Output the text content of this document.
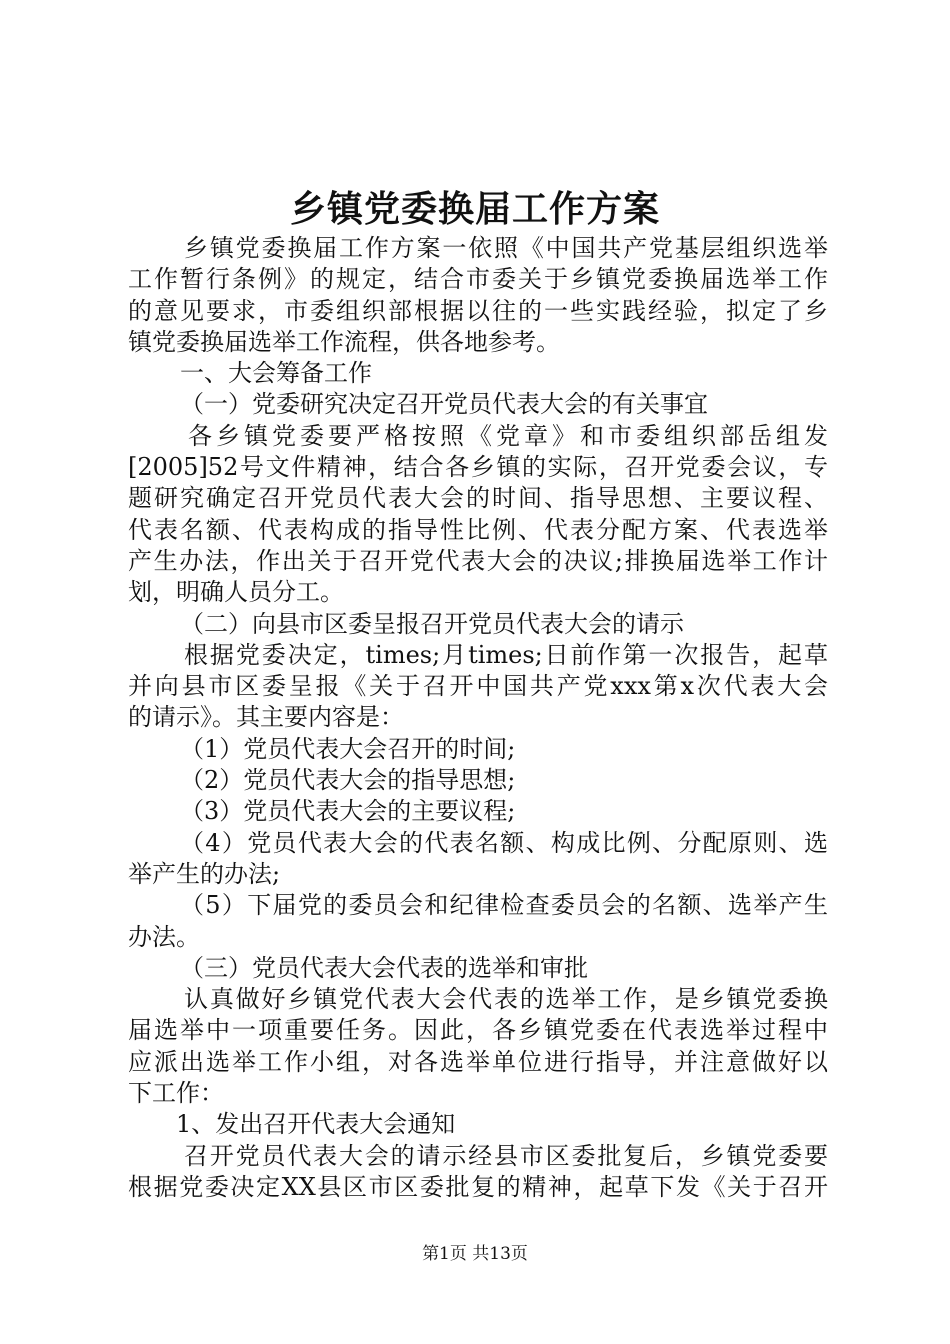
乡镇党委换届工作方案
乡镇党委换届工作方案一依照《中国共产党基层组织选举
工作暂行条例》的规定，结合市委关于乡镇党委换届选举工作
的意见要求，市委组织部根据以往的一些实践经验，拟定了乡
镇党委换届选举工作流程，供各地参考。
一、大会筹备工作
（一）党委研究决定召开党员代表大会的有关事宜
各乡镇党委要严格按照《党章》和市委组织部岳组发
[2005]52号文件精神，结合各乡镇的实际，召开党委会议，专
题研究确定召开党员代表大会的时间、指导思想、主要议程、
代表名额、代表构成的指导性比例、代表分配方案、代表选举
产生办法，作出关于召开党代表大会的决议;排换届选举工作计
划，明确人员分工。
（二）向县市区委呈报召开党员代表大会的请示
根据党委决定，times;月times;日前作第一次报告，起草
并向县市区委呈报《关于召开中国共产党xxx第x次代表大会
的请示》。其主要内容是：
（1）党员代表大会召开的时间;
（2）党员代表大会的指导思想;
（3）党员代表大会的主要议程;
（4）党员代表大会的代表名额、构成比例、分配原则、选
举产生的办法;
（5）下届党的委员会和纪律检查委员会的名额、选举产生
办法。
（三）党员代表大会代表的选举和审批
认真做好乡镇党代表大会代表的选举工作，是乡镇党委换
届选举中一项重要任务。因此，各乡镇党委在代表选举过程中
应派出选举工作小组，对各选举单位进行指导，并注意做好以
下工作：
1、发出召开代表大会通知
召开党员代表大会的请示经县市区委批复后，乡镇党委要
根据党委决定XX县区市区委批复的精神，起草下发《关于召开
第1页 共13页
